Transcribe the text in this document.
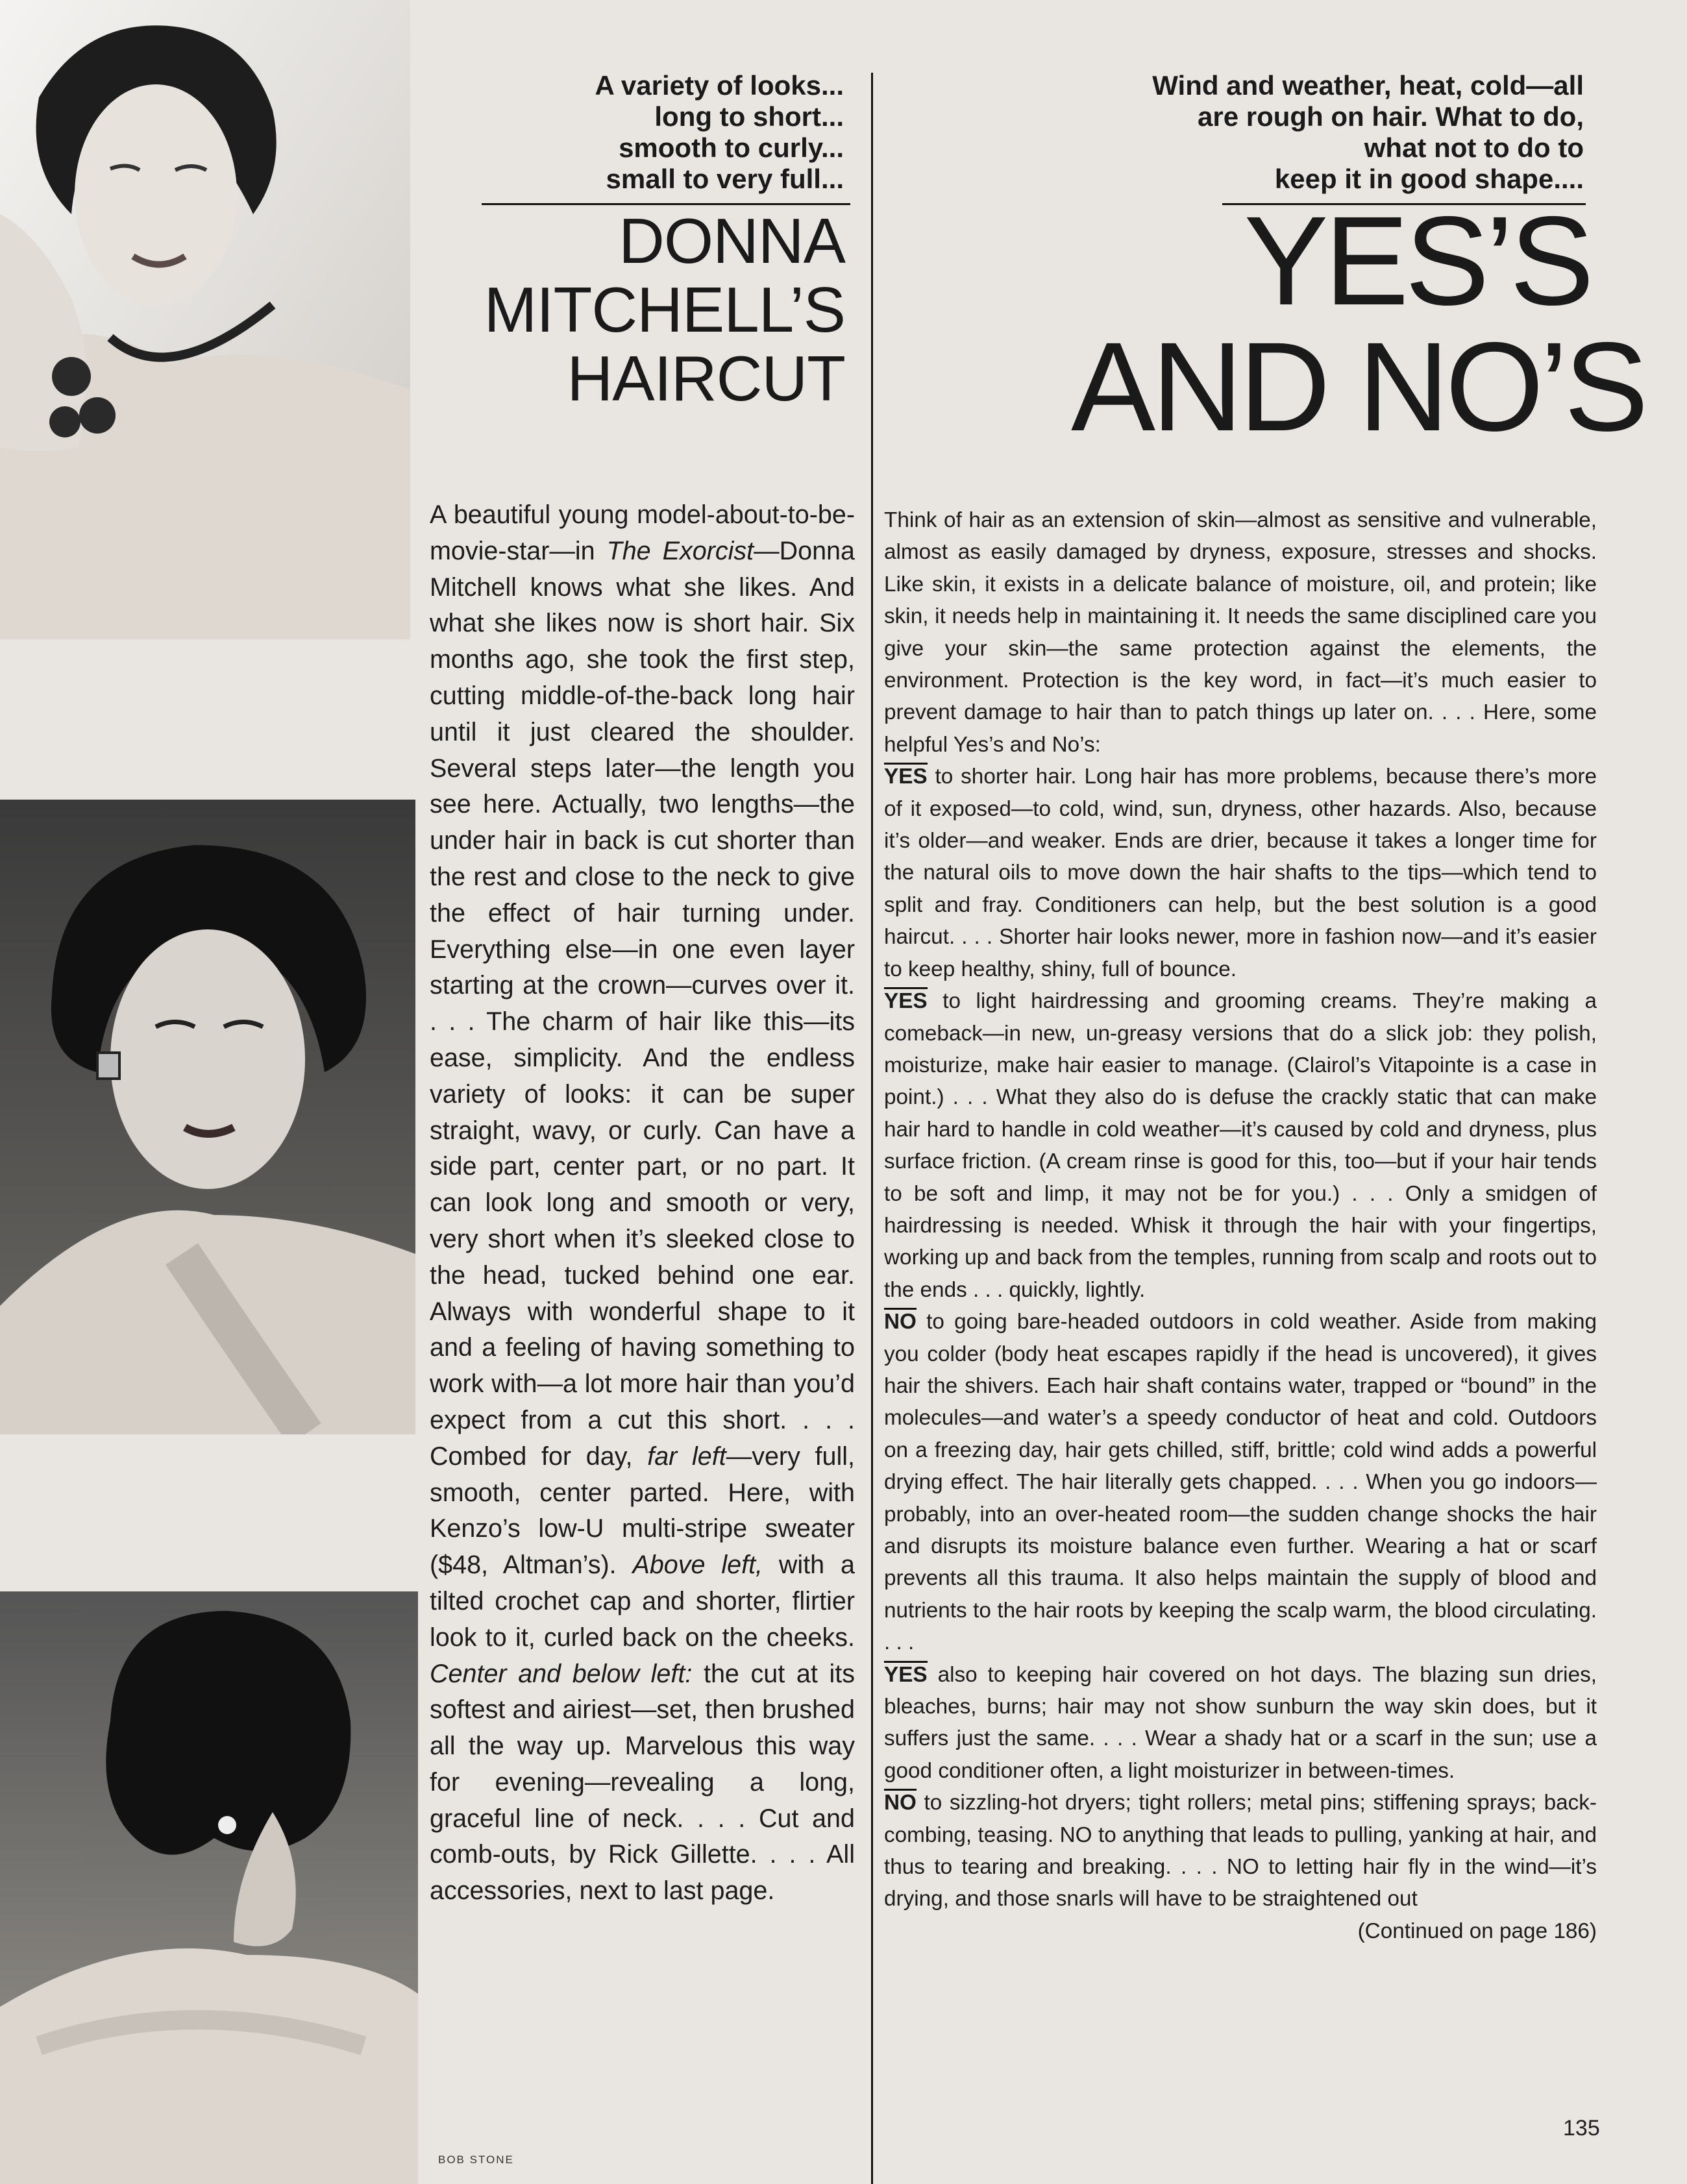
A variety of looks...
long to short...
smooth to curly...
small to very full...
DONNA
MITCHELL’S
HAIRCUT
A beautiful young model-about-to-be-movie-star—in The Exorcist—Donna Mitchell knows what she likes. And what she likes now is short hair. Six months ago, she took the first step, cutting middle-of-the-back long hair until it just cleared the shoulder. Several steps later—the length you see here. Actually, two lengths—the under hair in back is cut shorter than the rest and close to the neck to give the effect of hair turning under. Everything else—in one even layer starting at the crown—curves over it. . . . The charm of hair like this—its ease, simplicity. And the endless variety of looks: it can be super straight, wavy, or curly. Can have a side part, center part, or no part. It can look long and smooth or very, very short when it’s sleeked close to the head, tucked behind one ear. Always with wonderful shape to it and a feeling of having something to work with—a lot more hair than you’d expect from a cut this short. . . . Combed for day, far left—very full, smooth, center parted. Here, with Kenzo’s low-U multi-stripe sweater ($48, Altman’s). Above left, with a tilted crochet cap and shorter, flirtier look to it, curled back on the cheeks. Center and below left: the cut at its softest and airiest—set, then brushed all the way up. Marvelous this way for evening—revealing a long, graceful line of neck. . . . Cut and comb-outs, by Rick Gillette. . . . All accessories, next to last page.
BOB STONE
Wind and weather, heat, cold—all
are rough on hair. What to do,
what not to do to
keep it in good shape....
YES’S
AND NO’S

Think of hair as an extension of skin—almost as sensitive and vulnerable, almost as easily damaged by dryness, exposure, stresses and shocks. Like skin, it exists in a delicate balance of moisture, oil, and protein; like skin, it needs help in maintaining it. It needs the same disciplined care you give your skin—the same protection against the elements, the environment. Protection is the key word, in fact—it’s much easier to prevent damage to hair than to patch things up later on. . . . Here, some helpful Yes’s and No’s:

YES to shorter hair. Long hair has more problems, because there’s more of it exposed—to cold, wind, sun, dryness, other hazards. Also, because it’s older—and weaker. Ends are drier, because it takes a longer time for the natural oils to move down the hair shafts to the tips—which tend to split and fray. Conditioners can help, but the best solution is a good haircut. . . . Shorter hair looks newer, more in fashion now—and it’s easier to keep healthy, shiny, full of bounce.

YES to light hairdressing and grooming creams. They’re making a comeback—in new, un-greasy versions that do a slick job: they polish, moisturize, make hair easier to manage. (Clairol’s Vitapointe is a case in point.) . . . What they also do is defuse the crackly static that can make hair hard to handle in cold weather—it’s caused by cold and dryness, plus surface friction. (A cream rinse is good for this, too—but if your hair tends to be soft and limp, it may not be for you.) . . . Only a smidgen of hairdressing is needed. Whisk it through the hair with your fingertips, working up and back from the temples, running from scalp and roots out to the ends . . . quickly, lightly.

NO to going bare-headed outdoors in cold weather. Aside from making you colder (body heat escapes rapidly if the head is uncovered), it gives hair the shivers. Each hair shaft contains water, trapped or “bound” in the molecules—and water’s a speedy conductor of heat and cold. Outdoors on a freezing day, hair gets chilled, stiff, brittle; cold wind adds a powerful drying effect. The hair literally gets chapped. . . . When you go indoors—probably, into an over-heated room—the sudden change shocks the hair and disrupts its moisture balance even further. Wearing a hat or scarf prevents all this trauma. It also helps maintain the supply of blood and nutrients to the hair roots by keeping the scalp warm, the blood circulating. . . .

YES also to keeping hair covered on hot days. The blazing sun dries, bleaches, burns; hair may not show sunburn the way skin does, but it suffers just the same. . . . Wear a shady hat or a scarf in the sun; use a good conditioner often, a light moisturizer in between-times.

NO to sizzling-hot dryers; tight rollers; metal pins; stiffening sprays; back-combing, teasing. NO to anything that leads to pulling, yanking at hair, and thus to tearing and breaking. . . . NO to letting hair fly in the wind—it’s drying, and those snarls will have to be straightened out
(Continued on page 186)

135
